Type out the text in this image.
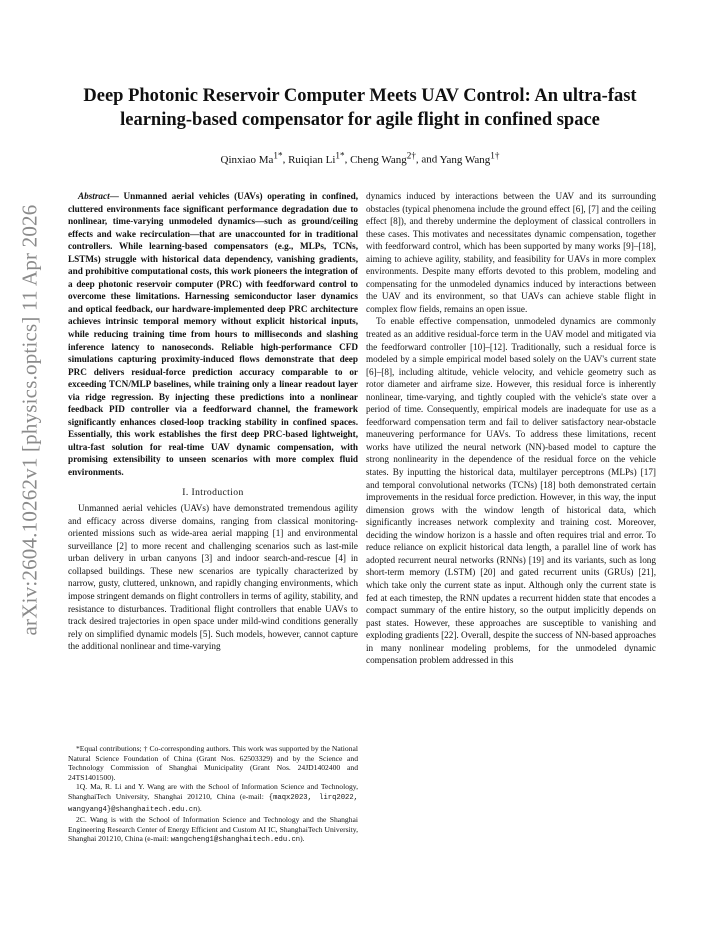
arXiv:2604.10262v1 [physics.optics] 11 Apr 2026
Deep Photonic Reservoir Computer Meets UAV Control: An ultra-fast learning-based compensator for agile flight in confined space

Qinxiao $Ma^{1*}$, Ruiqian $Li^{1*}$, Cheng Wang$^{2\dagger}$, and Yang Wang$^{1\dagger}$

Abstract— Unmanned aerial vehicles (UAVs) operating in confined, cluttered environments face significant performance degradation due to nonlinear, time-varying unmodeled dynamics—such as ground/ceiling effects and wake recirculation—that are unaccounted for in traditional controllers. While learning-based compensators (e.g., MLPs, TCNs, LSTMs) struggle with historical data dependency, vanishing gradients, and prohibitive computational costs, this work pioneers the integration of a deep photonic reservoir computer (PRC) with feedforward control to overcome these limitations. Harnessing semiconductor laser dynamics and optical feedback, our hardware-implemented deep PRC architecture achieves intrinsic temporal memory without explicit historical inputs, while reducing training time from hours to milliseconds and slashing inference latency to nanoseconds. Reliable high-performance CFD simulations capturing proximity-induced flows demonstrate that deep PRC delivers residual-force prediction accuracy comparable to or exceeding TCN/MLP baselines, while training only a linear readout layer via ridge regression. By injecting these predictions into a nonlinear feedback PID controller via a feedforward channel, the framework significantly enhances closed-loop tracking stability in confined spaces. Essentially, this work establishes the first deep PRC-based lightweight, ultra-fast solution for real-time UAV dynamic compensation, with promising extensibility to unseen scenarios with more complex fluid environments.

I. Introduction

Unmanned aerial vehicles (UAVs) have demonstrated tremendous agility and efficacy across diverse domains, ranging from classical monitoring-oriented missions such as wide-area aerial mapping [1] and environmental surveillance [2] to more recent and challenging scenarios such as last-mile urban delivery in urban canyons [3] and indoor search-and-rescue [4] in collapsed buildings. These new scenarios are typically characterized by narrow, gusty, cluttered, unknown, and rapidly changing environments, which impose stringent demands on flight controllers in terms of agility, stability, and resistance to disturbances. Traditional flight controllers that enable UAVs to track desired trajectories in open space under mild-wind conditions generally rely on simplified dynamic models [5]. Such models, however, cannot capture the additional nonlinear and time-varying

*Equal contributions; † Co-corresponding authors. This work was supported by the National Natural Science Foundation of China (Grant Nos. 62503329) and by the Science and Technology Commission of Shanghai Municipality (Grant Nos. 24JD1402400 and 24TS1401500).

1Q. Ma, R. Li and Y. Wang are with the School of Information Science and Technology, ShanghaiTech University, Shanghai 201210, China (e-mail: {maqx2023, lirq2022, wangyang4}@shanghaitech.edu.cn).

2C. Wang is with the School of Information Science and Technology and the Shanghai Engineering Research Center of Energy Efficient and Custom AI IC, ShanghaiTech University, Shanghai 201210, China (e-mail: wangcheng1@shanghaitech.edu.cn).

dynamics induced by interactions between the UAV and its surrounding obstacles (typical phenomena include the ground effect [6], [7] and the ceiling effect [8]), and thereby undermine the deployment of classical controllers in these cases. This motivates and necessitates dynamic compensation, together with feedforward control, which has been supported by many works [9]–[18], aiming to achieve agility, stability, and feasibility for UAVs in more complex environments. Despite many efforts devoted to this problem, modeling and compensating for the unmodeled dynamics induced by interactions between the UAV and its environment, so that UAVs can achieve stable flight in complex flow fields, remains an open issue.

To enable effective compensation, unmodeled dynamics are commonly treated as an additive residual-force term in the UAV model and mitigated via the feedforward controller [10]–[12]. Traditionally, such a residual force is modeled by a simple empirical model based solely on the UAV's current state [6]–[8], including altitude, vehicle velocity, and vehicle geometry such as rotor diameter and airframe size. However, this residual force is inherently nonlinear, time-varying, and tightly coupled with the vehicle's state over a period of time. Consequently, empirical models are inadequate for use as a feedforward compensation term and fail to deliver satisfactory near-obstacle maneuvering performance for UAVs. To address these limitations, recent works have utilized the neural network (NN)-based model to capture the strong nonlinearity in the dependence of the residual force on the vehicle states. By inputting the historical data, multilayer perceptrons (MLPs) [17] and temporal convolutional networks (TCNs) [18] both demonstrated certain improvements in the residual force prediction. However, in this way, the input dimension grows with the window length of historical data, which significantly increases network complexity and training cost. Moreover, deciding the window horizon is a hassle and often requires trial and error. To reduce reliance on explicit historical data length, a parallel line of work has adopted recurrent neural networks (RNNs) [19] and its variants, such as long short-term memory (LSTM) [20] and gated recurrent units (GRUs) [21], which take only the current state as input. Although only the current state is fed at each timestep, the RNN updates a recurrent hidden state that encodes a compact summary of the entire history, so the output implicitly depends on past states. However, these approaches are susceptible to vanishing and exploding gradients [22]. Overall, despite the success of NN-based approaches in many nonlinear modeling problems, for the unmodeled dynamic compensation problem addressed in this
